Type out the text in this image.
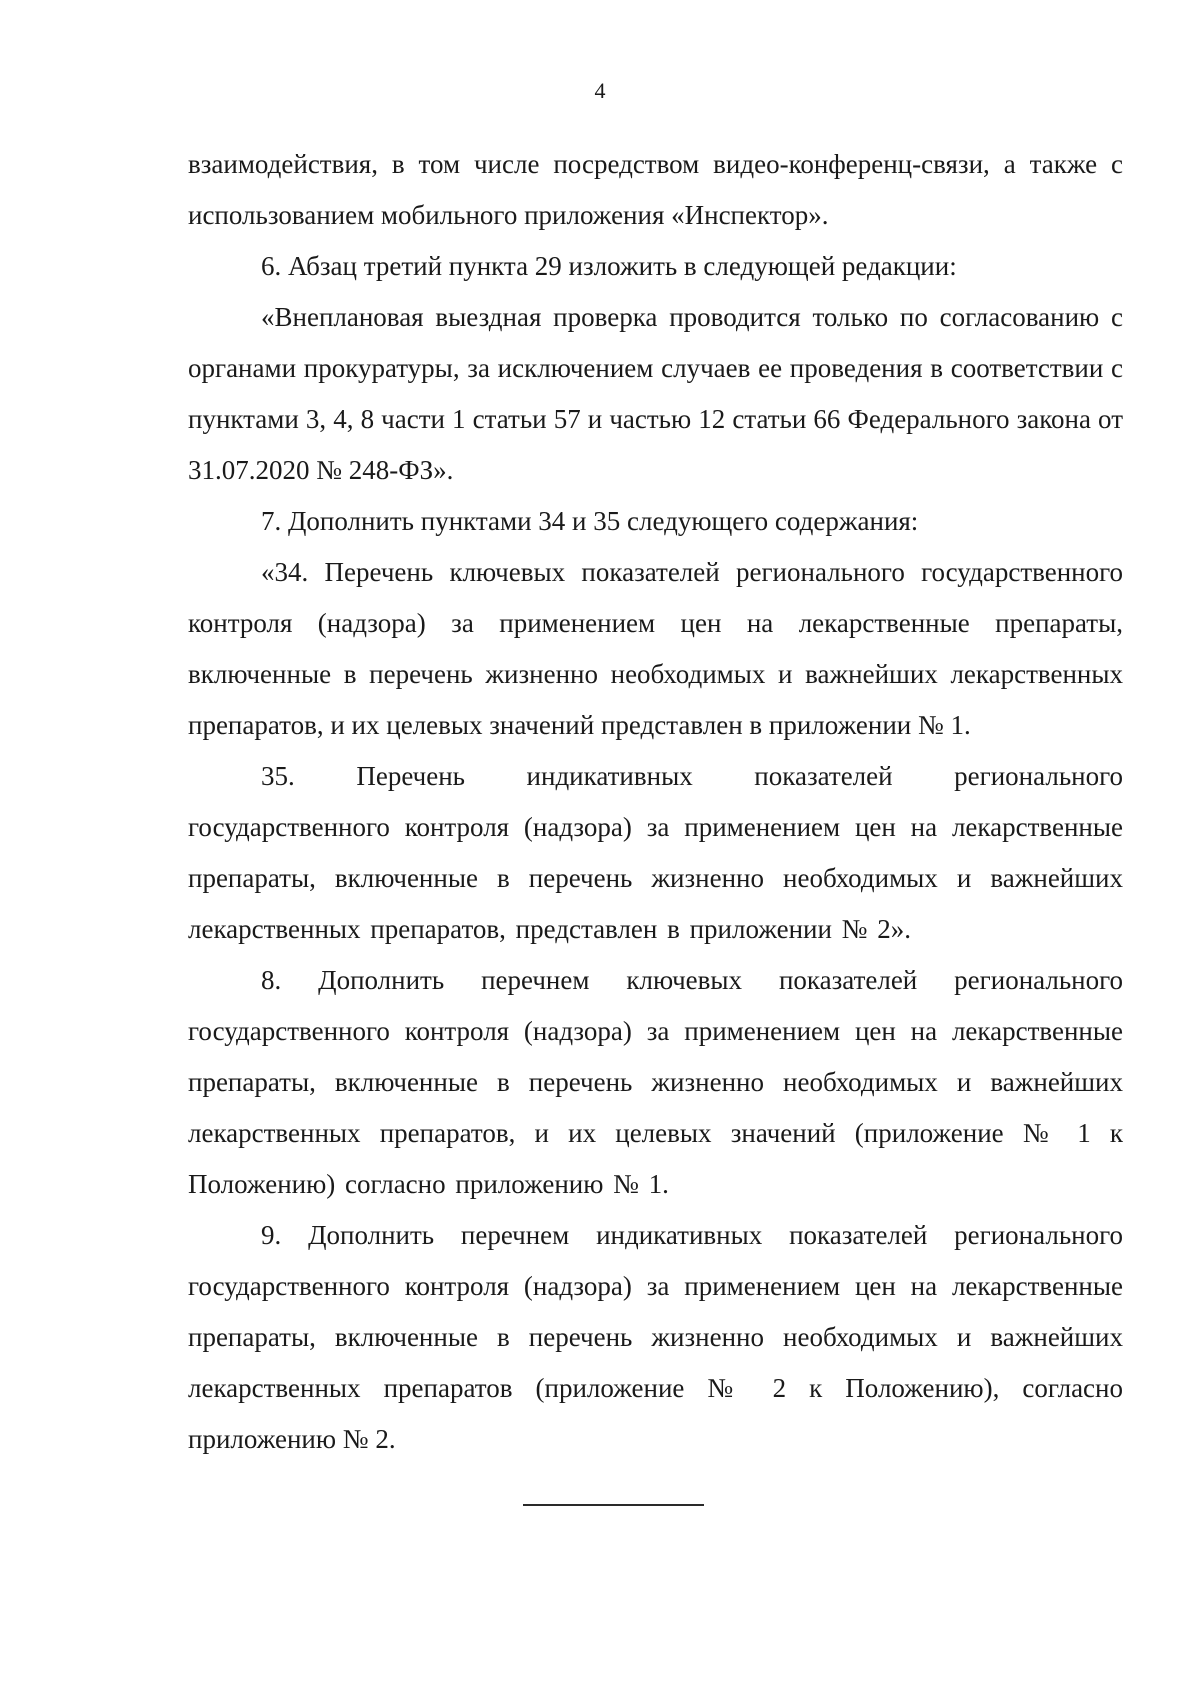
4

взаимодействия, в том числе посредством видео-конференц-связи, а также с использованием мобильного приложения «Инспектор».

6. Абзац третий пункта 29 изложить в следующей редакции:

«Внеплановая выездная проверка проводится только по согласованию с органами прокуратуры, за исключением случаев ее проведения в соответствии с пунктами 3, 4, 8 части 1 статьи 57 и частью 12 статьи 66 Федерального закона от 31.07.2020 № 248-ФЗ».

7. Дополнить пунктами 34 и 35 следующего содержания:

«34. Перечень ключевых показателей регионального государственного контроля (надзора) за применением цен на лекарственные препараты, включенные в перечень жизненно необходимых и важнейших лекарственных препаратов, и их целевых значений представлен в приложении № 1.

35. Перечень индикативных показателей регионального государственного контроля (надзора) за применением цен на лекарственные препараты, включенные в перечень жизненно необходимых и важнейших лекарственных препаратов, представлен в приложении № 2».

8. Дополнить перечнем ключевых показателей регионального государственного контроля (надзора) за применением цен на лекарственные препараты, включенные в перечень жизненно необходимых и важнейших лекарственных препаратов, и их целевых значений (приложение № 1 к Положению) согласно приложению № 1.

9. Дополнить перечнем индикативных показателей регионального государственного контроля (надзора) за применением цен на лекарственные препараты, включенные в перечень жизненно необходимых и важнейших лекарственных препаратов (приложение № 2 к Положению), согласно приложению № 2.
